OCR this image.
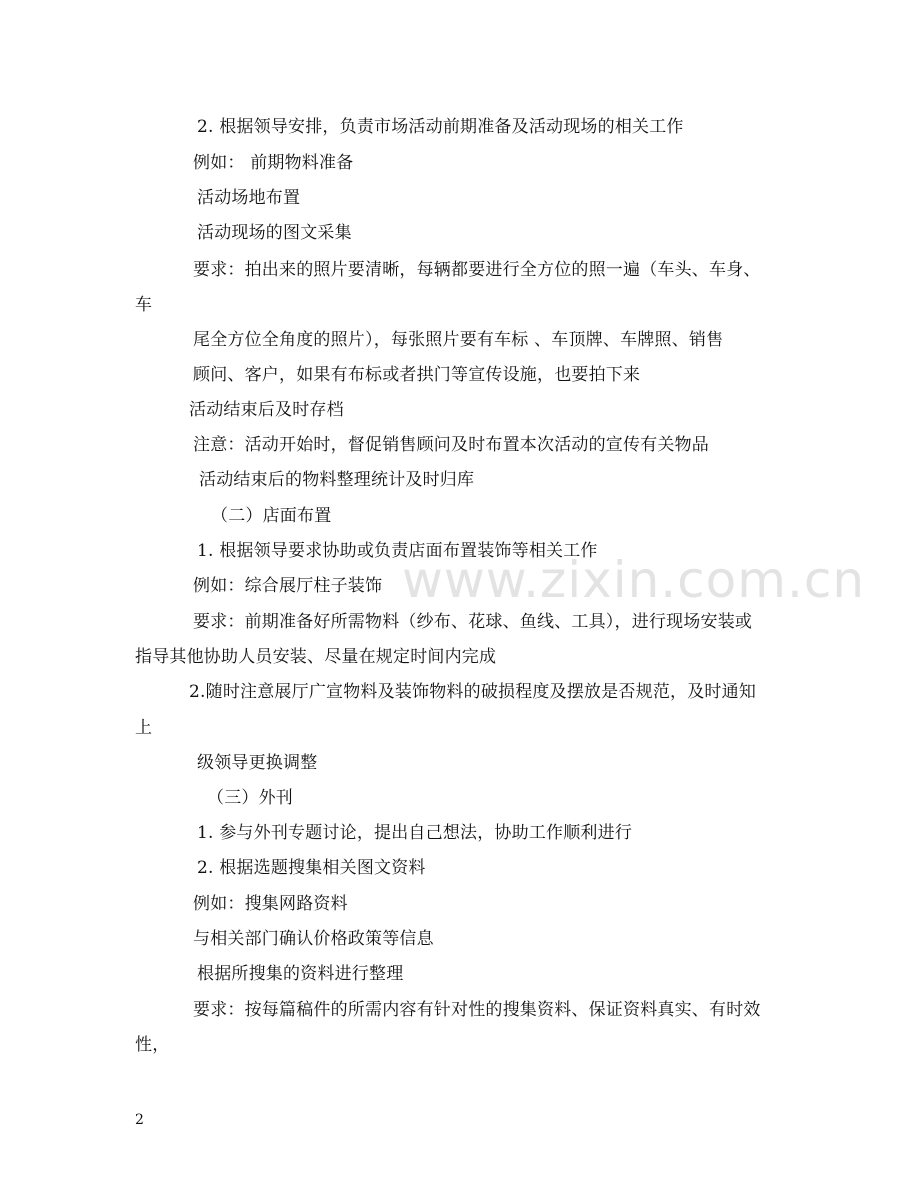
2. 根据领导安排，负责市场活动前期准备及活动现场的相关工作
例如： 前期物料准备
活动场地布置
活动现场的图文采集
要求：拍出来的照片要清晰，每辆都要进行全方位的照一遍（车头、车身、
车
尾全方位全角度的照片），每张照片要有车标 、车顶牌、车牌照、销售
顾问、客户，如果有布标或者拱门等宣传设施，也要拍下来
活动结束后及时存档
注意：活动开始时，督促销售顾问及时布置本次活动的宣传有关物品
活动结束后的物料整理统计及时归库
（二）店面布置
1. 根据领导要求协助或负责店面布置装饰等相关工作
例如：综合展厅柱子装饰
要求：前期准备好所需物料（纱布、花球、鱼线、工具），进行现场安装或
指导其他协助人员安装、尽量在规定时间内完成
2.随时注意展厅广宣物料及装饰物料的破损程度及摆放是否规范，及时通知
上
级领导更换调整
（三）外刊
1. 参与外刊专题讨论，提出自己想法，协助工作顺利进行
2. 根据选题搜集相关图文资料
例如：搜集网路资料
与相关部门确认价格政策等信息
根据所搜集的资料进行整理
要求：按每篇稿件的所需内容有针对性的搜集资料、保证资料真实、有时效
性，
www.zixin.com.cn
2
